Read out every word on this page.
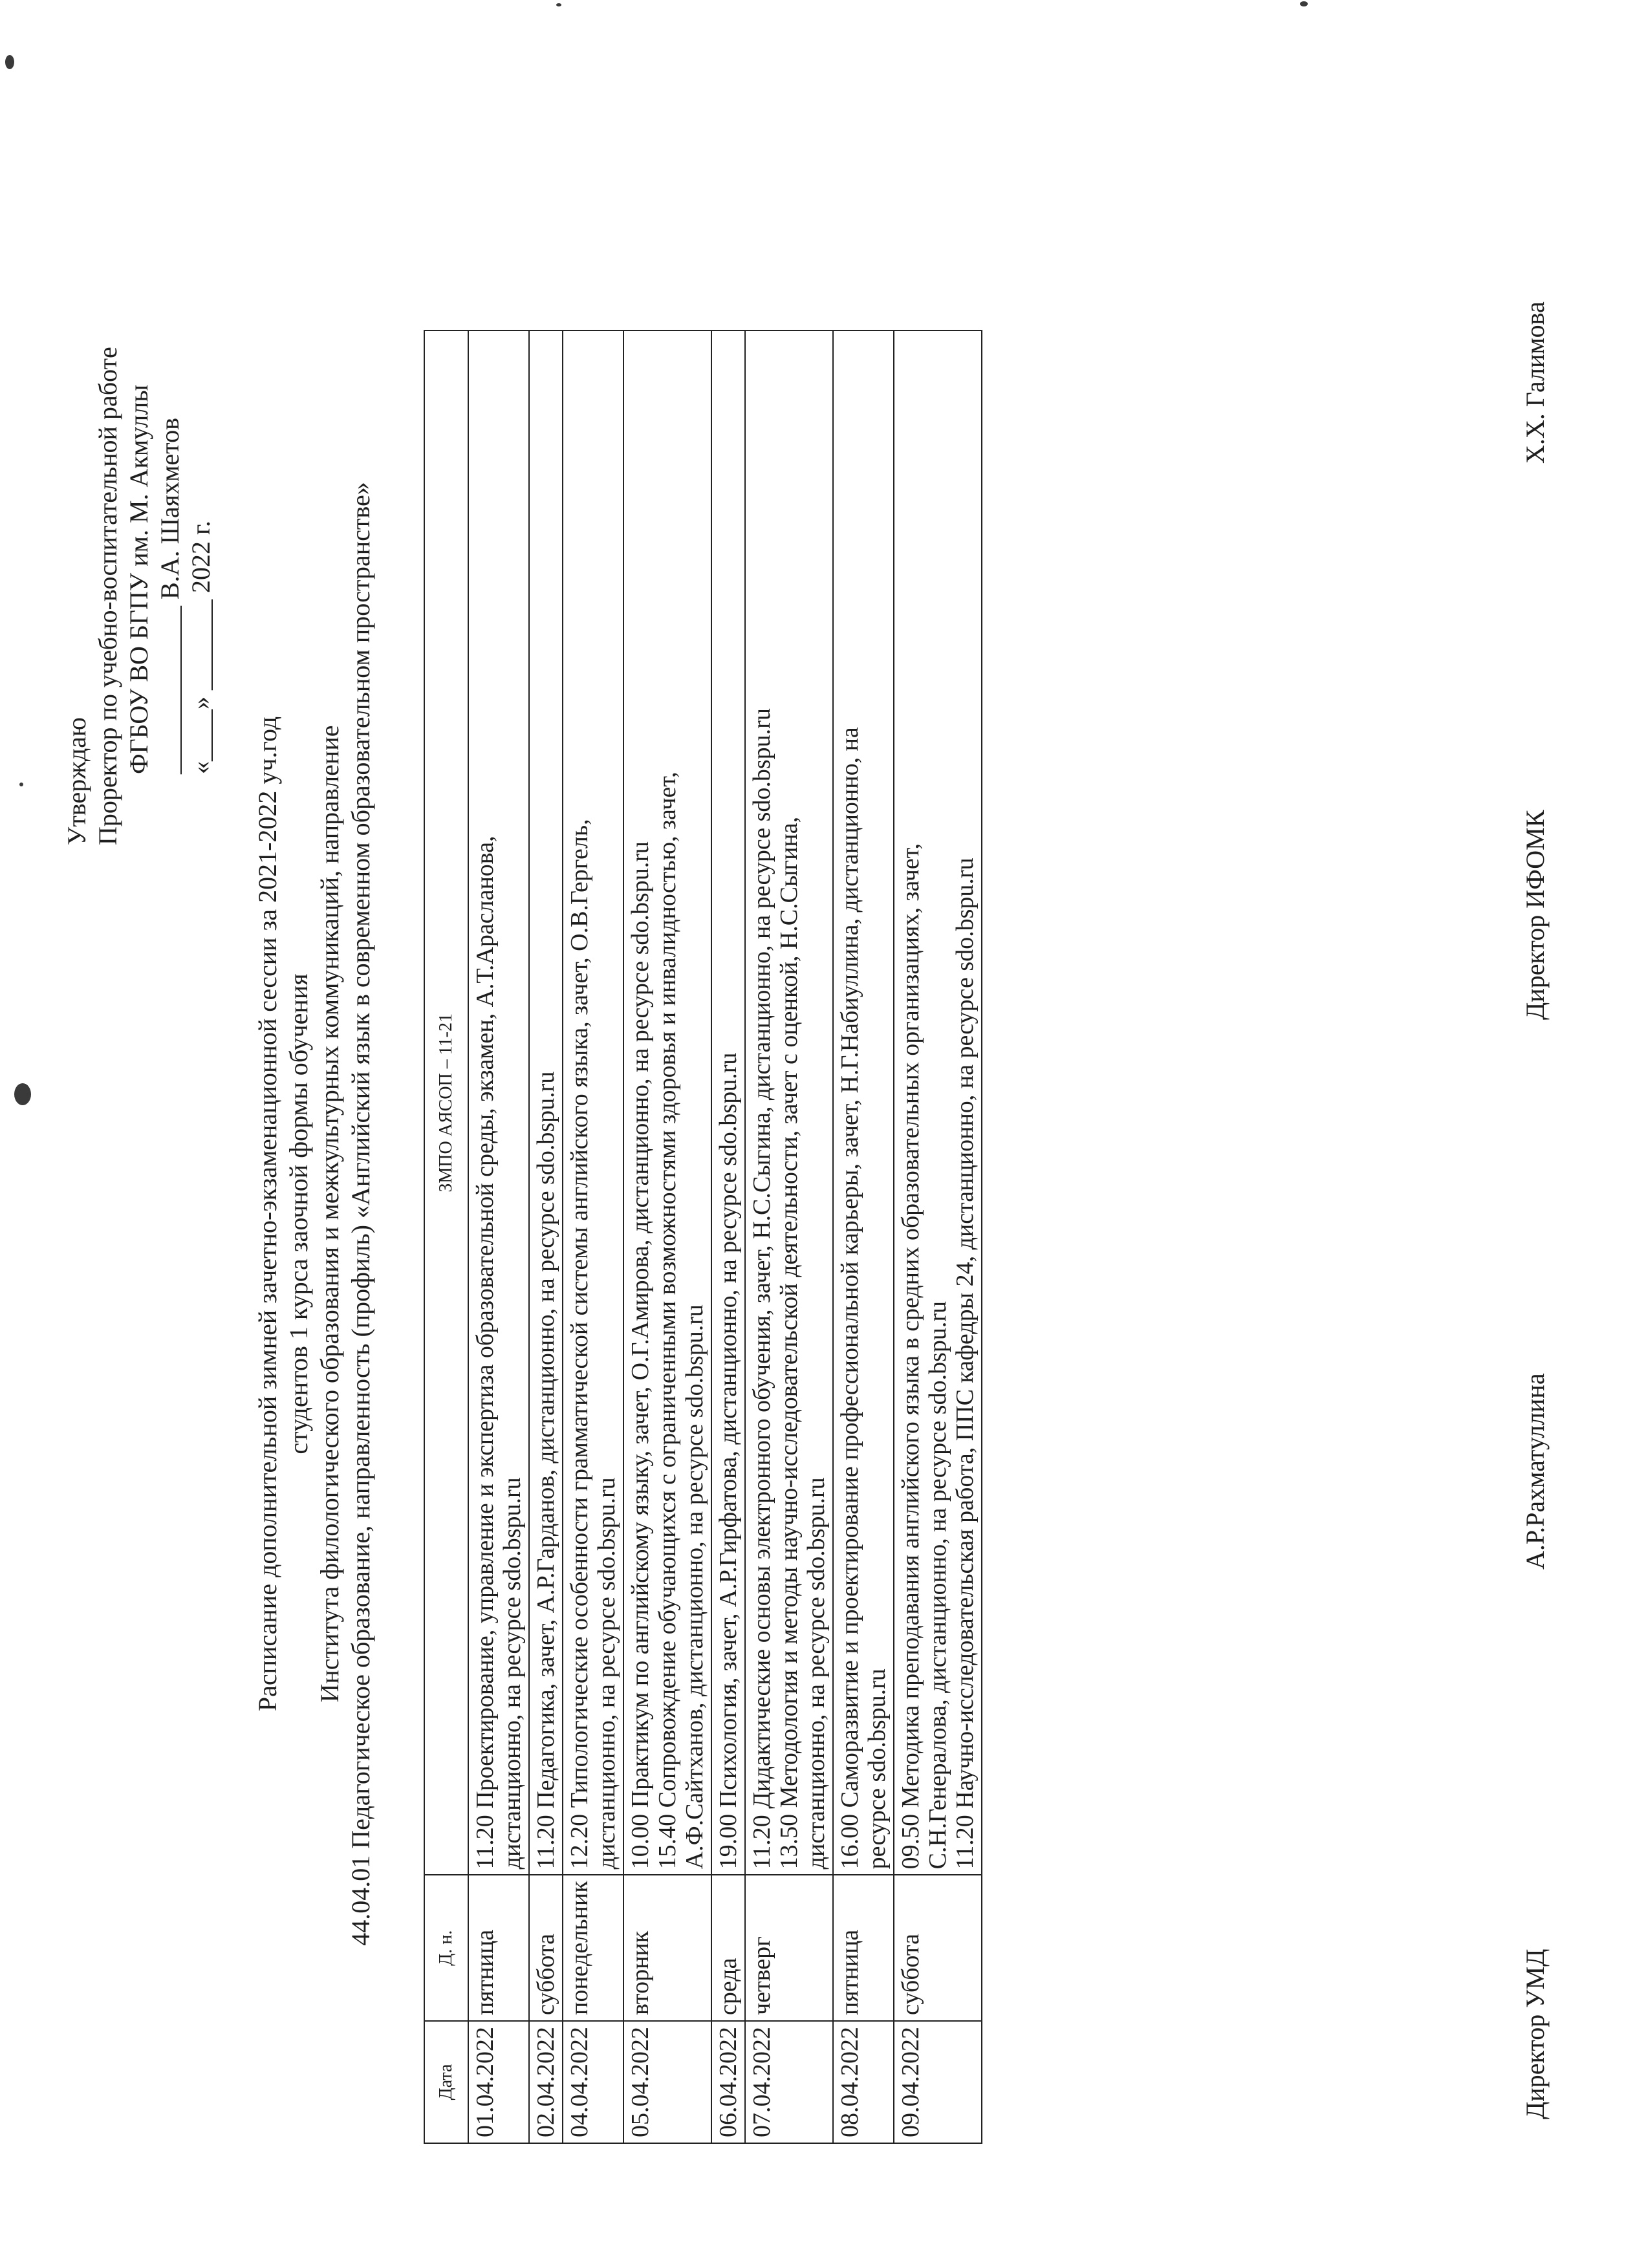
Утверждаю Проректор по учебно-воспитательной работе ФГБОУ ВО БГПУ им. М. Акмуллы _____________ В.А. Шаяхметов «____» _______ 2022 г.
Расписание дополнительной зимней зачетно-экзаменационной сессии за 2021-2022 уч.год студентов 1 курса заочной формы обучения Института филологического образования и межкультурных коммуникаций, направление 44.04.01 Педагогическое образование, направленность (профиль) «Английский язык в современном образовательном пространстве»
Дата	Д. н.	ЗМПО АЯСОП – 11-21
01.04.2022	пятница	11.20 Проектирование, управление и экспертиза образовательной среды, экзамен, А.Т.Арасланова, дистанционно, на ресурсе sdo.bspu.ru

02.04.2022	суббота	11.20 Педагогика, зачет, А.Р.Гарданов, дистанционно, на ресурсе sdo.bspu.ru

04.04.2022	понедельник	12.20 Типологические особенности грамматической системы английского языка, зачет, О.В.Гергель, дистанционно, на ресурсе sdo.bspu.ru

05.04.2022	вторник	10.00 Практикум по английскому языку, зачет, О.Г.Амирова, дистанционно, на ресурсе sdo.bspu.ru 15.40 Сопровождение обучающихся с ограниченными возможностями здоровья и инвалидностью, зачет, А.Ф.Сайтханов, дистанционно, на ресурсе sdo.bspu.ru

06.04.2022	среда	19.00 Психология, зачет, А.Р.Гирфатова, дистанционно, на ресурсе sdo.bspu.ru

07.04.2022	четверг	11.20 Дидактические основы электронного обучения, зачет, Н.С.Сыгина, дистанционно, на ресурсе sdo.bspu.ru 13.50 Методология и методы научно-исследовательской деятельности, зачет с оценкой, Н.С.Сыгина, дистанционно, на ресурсе sdo.bspu.ru

08.04.2022	пятница	16.00 Саморазвитие и проектирование профессиональной карьеры, зачет, Н.Г.Набиуллина, дистанционно, на ресурсе sdo.bspu.ru

09.04.2022	суббота	09.50 Методика преподавания английского языка в средних образовательных организациях, зачет, С.Н.Генералова, дистанционно, на ресурсе sdo.bspu.ru 11.20 Научно-исследовательская работа, ППС кафедры 24, дистанционно, на ресурсе sdo.bspu.ru
Директор УМД
А.Р.Рахматуллина
Директор ИФОМК
Х.Х. Галимова
